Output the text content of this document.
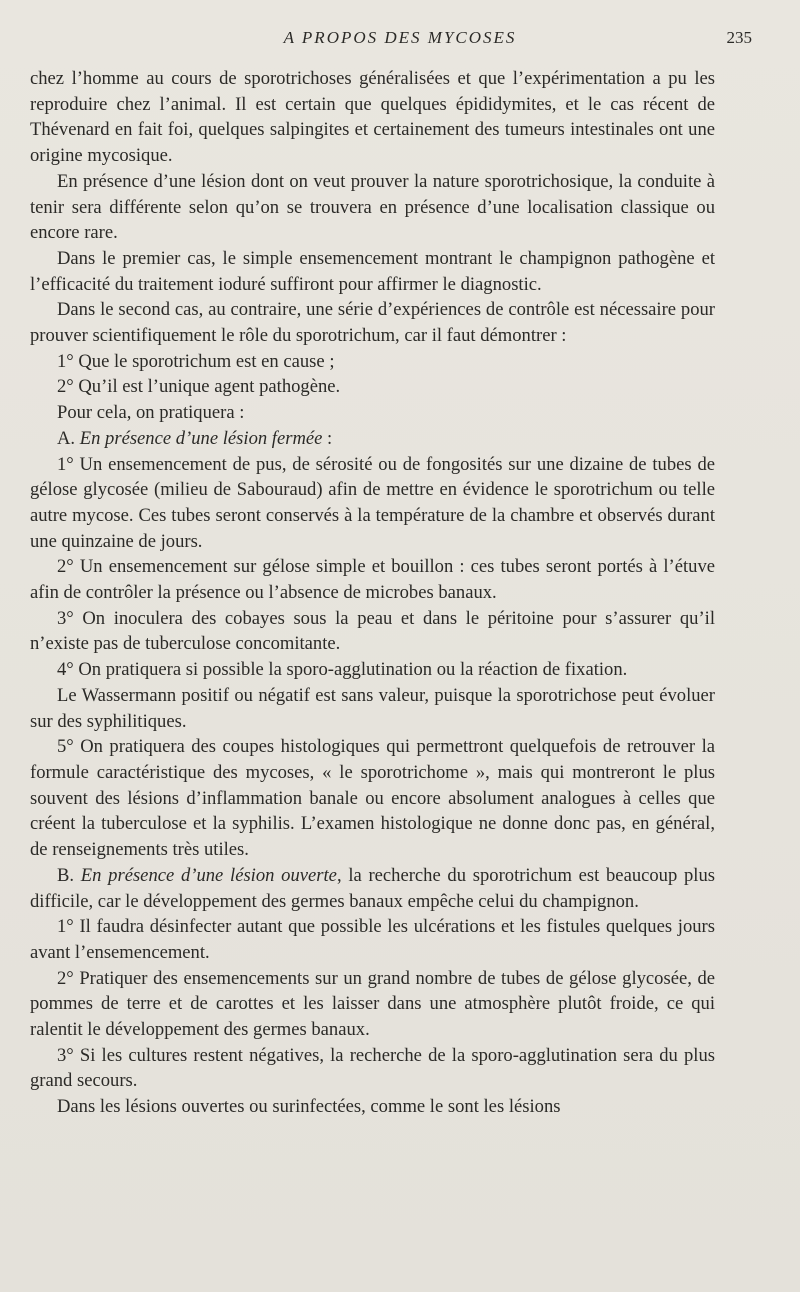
A PROPOS DES MYCOSES	235

chez l’homme au cours de sporotrichoses généralisées et que l’expérimentation a pu les reproduire chez l’animal. Il est certain que quelques épididymites, et le cas récent de Thévenard en fait foi, quelques salpingites et certainement des tumeurs intestinales ont une origine mycosique.

En présence d’une lésion dont on veut prouver la nature sporotrichosique, la conduite à tenir sera différente selon qu’on se trouvera en présence d’une localisation classique ou encore rare.

Dans le premier cas, le simple ensemencement montrant le champignon pathogène et l’efficacité du traitement ioduré suffiront pour affirmer le diagnostic.

Dans le second cas, au contraire, une série d’expériences de contrôle est nécessaire pour prouver scientifiquement le rôle du sporotrichum, car il faut démontrer :

1° Que le sporotrichum est en cause ;

2° Qu’il est l’unique agent pathogène.

Pour cela, on pratiquera :

A. En présence d’une lésion fermée :

1° Un ensemencement de pus, de sérosité ou de fongosités sur une dizaine de tubes de gélose glycosée (milieu de Sabouraud) afin de mettre en évidence le sporotrichum ou telle autre mycose. Ces tubes seront conservés à la température de la chambre et observés durant une quinzaine de jours.

2° Un ensemencement sur gélose simple et bouillon : ces tubes seront portés à l’étuve afin de contrôler la présence ou l’absence de microbes banaux.

3° On inoculera des cobayes sous la peau et dans le péritoine pour s’assurer qu’il n’existe pas de tuberculose concomitante.

4° On pratiquera si possible la sporo-agglutination ou la réaction de fixation.

Le Wassermann positif ou négatif est sans valeur, puisque la sporotrichose peut évoluer sur des syphilitiques.

5° On pratiquera des coupes histologiques qui permettront quelquefois de retrouver la formule caractéristique des mycoses, « le sporotrichome », mais qui montreront le plus souvent des lésions d’inflammation banale ou encore absolument analogues à celles que créent la tuberculose et la syphilis. L’examen histologique ne donne donc pas, en général, de renseignements très utiles.

B. En présence d’une lésion ouverte, la recherche du sporotrichum est beaucoup plus difficile, car le développement des germes banaux empêche celui du champignon.

1° Il faudra désinfecter autant que possible les ulcérations et les fistules quelques jours avant l’ensemencement.

2° Pratiquer des ensemencements sur un grand nombre de tubes de gélose glycosée, de pommes de terre et de carottes et les laisser dans une atmosphère plutôt froide, ce qui ralentit le développement des germes banaux.

3° Si les cultures restent négatives, la recherche de la sporo-agglutination sera du plus grand secours.

Dans les lésions ouvertes ou surinfectées, comme le sont les lésions
